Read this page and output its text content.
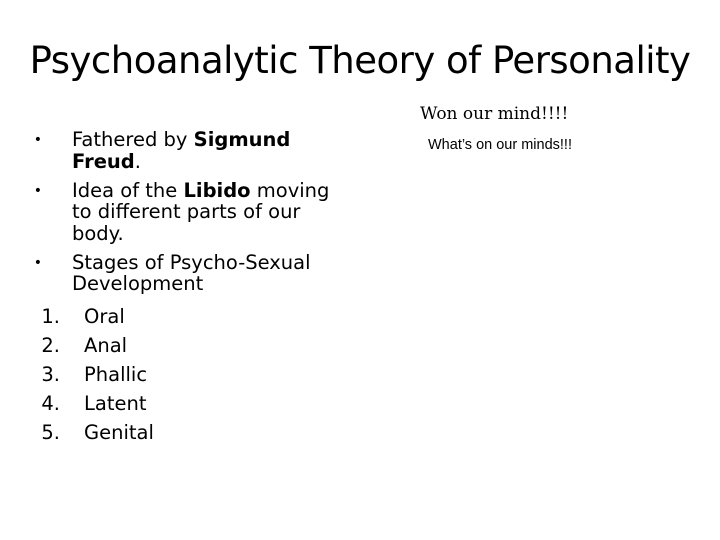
Psychoanalytic Theory of Personality
• Fathered by Sigmund Freud.
• Idea of the Libido moving to different parts of our body.
• Stages of Psycho-Sexual Development
1. Oral
2. Anal
3. Phallic
4. Latent
5. Genital
Won our mind!!!!
What’s on our minds!!!
